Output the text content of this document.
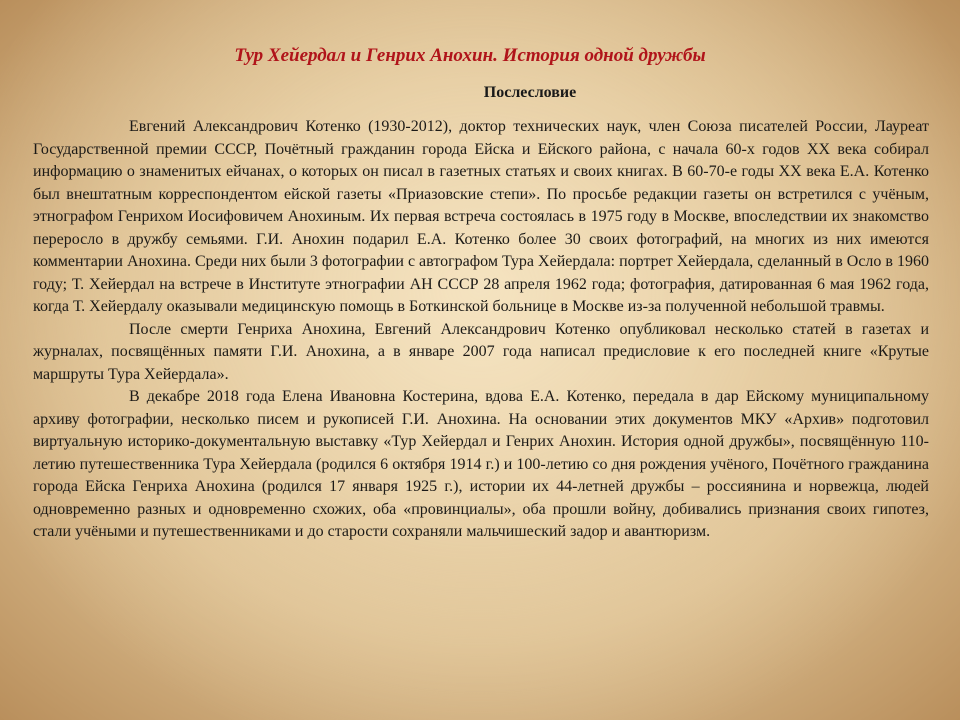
Тур Хейердал и Генрих Анохин. История одной дружбы
Послесловие

Евгений Александрович Котенко (1930-2012), доктор технических наук, член Союза писателей России, Лауреат Государственной премии СССР, Почётный гражданин города Ейска и Ейского района, с начала 60-х годов XX века собирал информацию о знаменитых ейчанах, о которых он писал в газетных статьях и своих книгах. В 60-70-е годы XX века Е.А. Котенко был внештатным корреспондентом ейской газеты «Приазовские степи». По просьбе редакции газеты он встретился с учёным, этнографом Генрихом Иосифовичем Анохиным. Их первая встреча состоялась в 1975 году в Москве, впоследствии их знакомство переросло в дружбу семьями. Г.И. Анохин подарил Е.А. Котенко более 30 своих фотографий, на многих из них имеются комментарии Анохина. Среди них были 3 фотографии с автографом Тура Хейердала: портрет Хейердала, сделанный в Осло в 1960 году; Т. Хейердал на встрече в Институте этнографии АН СССР 28 апреля 1962 года; фотография, датированная 6 мая 1962 года, когда Т. Хейердалу оказывали медицинскую помощь в Боткинской больнице в Москве из-за полученной небольшой травмы.

После смерти Генриха Анохина, Евгений Александрович Котенко опубликовал несколько статей в газетах и журналах, посвящённых памяти Г.И. Анохина, а в январе 2007 года написал предисловие к его последней книге «Крутые маршруты Тура Хейердала».

В декабре 2018 года Елена Ивановна Костерина, вдова Е.А. Котенко, передала в дар Ейскому муниципальному архиву фотографии, несколько писем и рукописей Г.И. Анохина. На основании этих документов МКУ «Архив» подготовил виртуальную историко-документальную выставку «Тур Хейердал и Генрих Анохин. История одной дружбы», посвящённую 110-летию путешественника Тура Хейердала (родился 6 октября 1914 г.) и 100-летию со дня рождения учёного, Почётного гражданина города Ейска Генриха Анохина (родился 17 января 1925 г.), истории их 44-летней дружбы – россиянина и норвежца, людей одновременно разных и одновременно схожих, оба «провинциалы», оба прошли войну, добивались признания своих гипотез, стали учёными и путешественниками и до старости сохраняли мальчишеский задор и авантюризм.
